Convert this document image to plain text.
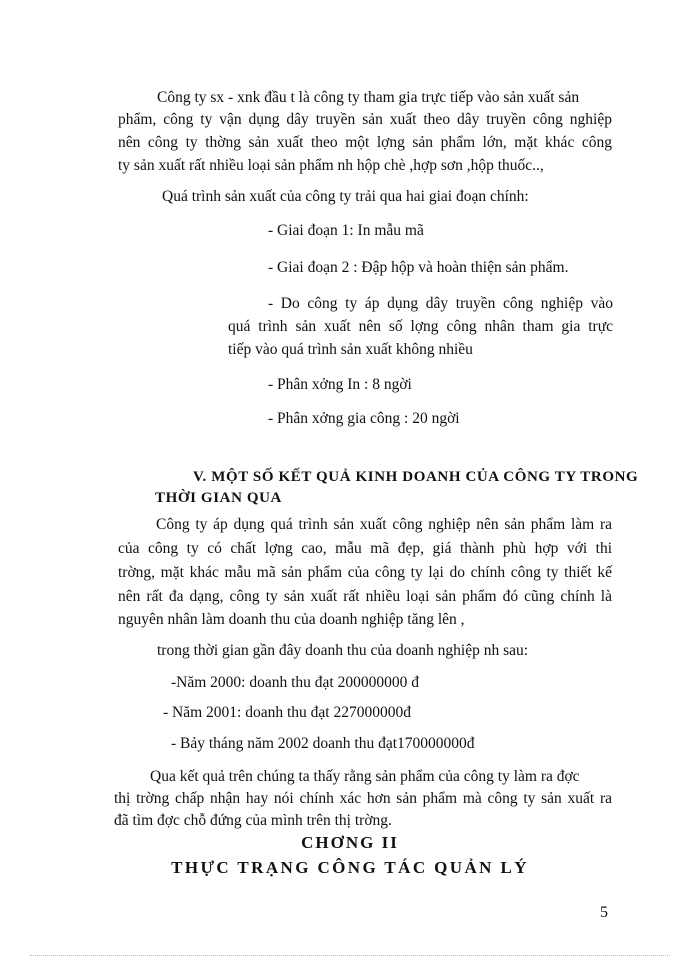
Công ty sx - xnk đầu t là công ty tham gia trực tiếp vào sản xuất sản
phẩm, công ty vận dụng dây truyền sản xuất theo dây truyền công nghiệp
nên công ty thờng sản xuất theo một lợng sản phẩm lớn, mặt khác công
ty sản xuất rất nhiều loại sản phẩm nh hộp chè ,hợp sơn ,hộp thuốc..,
Quá trình sản xuất của công ty trải qua hai giai đoạn chính:
- Giai đoạn 1: In mẫu mã
- Giai đoạn 2 : Đập hộp và hoàn thiện sản phẩm.
- Do công ty áp dụng dây truyền công nghiệp vào
quá trình sản xuất nên số lợng công nhân tham gia trực
tiếp vào quá trình sản xuất không nhiều
- Phân xởng In : 8 ngời
- Phân xởng gia công : 20 ngời
V. MỘT SỐ KẾT QUẢ KINH DOANH CỦA CÔNG TY TRONG
THỜI GIAN QUA
Công ty áp dụng quá trình sản xuất công nghiệp nên sản phẩm làm ra
của công ty có chất lợng cao, mẫu mã đẹp, giá thành phù hợp với thi
trờng, mặt khác mẫu mã sản phẩm của công ty lại do chính công ty thiết kế
nên rất đa dạng, công ty sản xuất rất nhiều loại sản phẩm đó cũng chính là
nguyên nhân làm doanh thu của doanh nghiệp tăng lên ,
trong thời gian gần đây doanh thu của doanh nghiệp nh sau:
-Năm 2000: doanh thu đạt 200000000 đ
- Năm 2001: doanh thu đạt 227000000đ
- Bảy tháng năm 2002 doanh thu đạt170000000đ
Qua kết quả trên chúng ta thấy rằng sản phẩm của công ty làm ra đợc
thị trờng chấp nhận hay nói chính xác hơn sản phẩm mà công ty sản xuất ra
đã tìm đợc chỗ đứng của mình trên thị trờng.
CHƠNG II
THỰC TRẠNG CÔNG TÁC QUẢN LÝ
5
